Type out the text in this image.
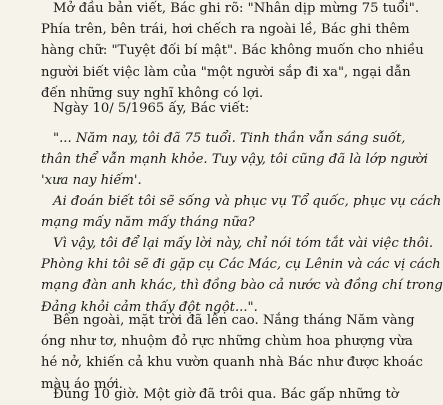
Mở đầu bản viết, Bác ghi rõ: "Nhân dịp mừng 75 tuổi".
Phía trên, bên trái, hơi chếch ra ngoài lề, Bác ghi thêm
hàng chữ: "Tuyệt đối bí mật". Bác không muốn cho nhiều
người biết việc làm của "một người sắp đi xa", ngại dẫn
đến những suy nghĩ không có lợi.
Ngày 10/ 5/1965 ấy, Bác viết:
"... Năm nay, tôi đã 75 tuổi. Tinh thần vẫn sáng suốt,
thân thể vẫn mạnh khỏe. Tuy vậy, tôi cũng đã là lớp người
'xưa nay hiếm'.
Ai đoán biết tôi sẽ sống và phục vụ Tổ quốc, phục vụ cách
mạng mấy năm mấy tháng nữa?
Vì vậy, tôi để lại mấy lời này, chỉ nói tóm tắt vài việc thôi.
Phòng khi tôi sẽ đi gặp cụ Các Mác, cụ Lênin và các vị cách
mạng đàn anh khác, thì đồng bào cả nước và đồng chí trong
Đảng khỏi cảm thấy đột ngột...".
Bên ngoài, mặt trời đã lên cao. Nắng tháng Năm vàng
óng như tơ, nhuộm đỏ rực những chùm hoa phượng vừa
hé nở, khiến cả khu vườn quanh nhà Bác như được khoác
màu áo mới.
Đúng 10 giờ. Một giờ đã trôi qua. Bác gấp những tờ
